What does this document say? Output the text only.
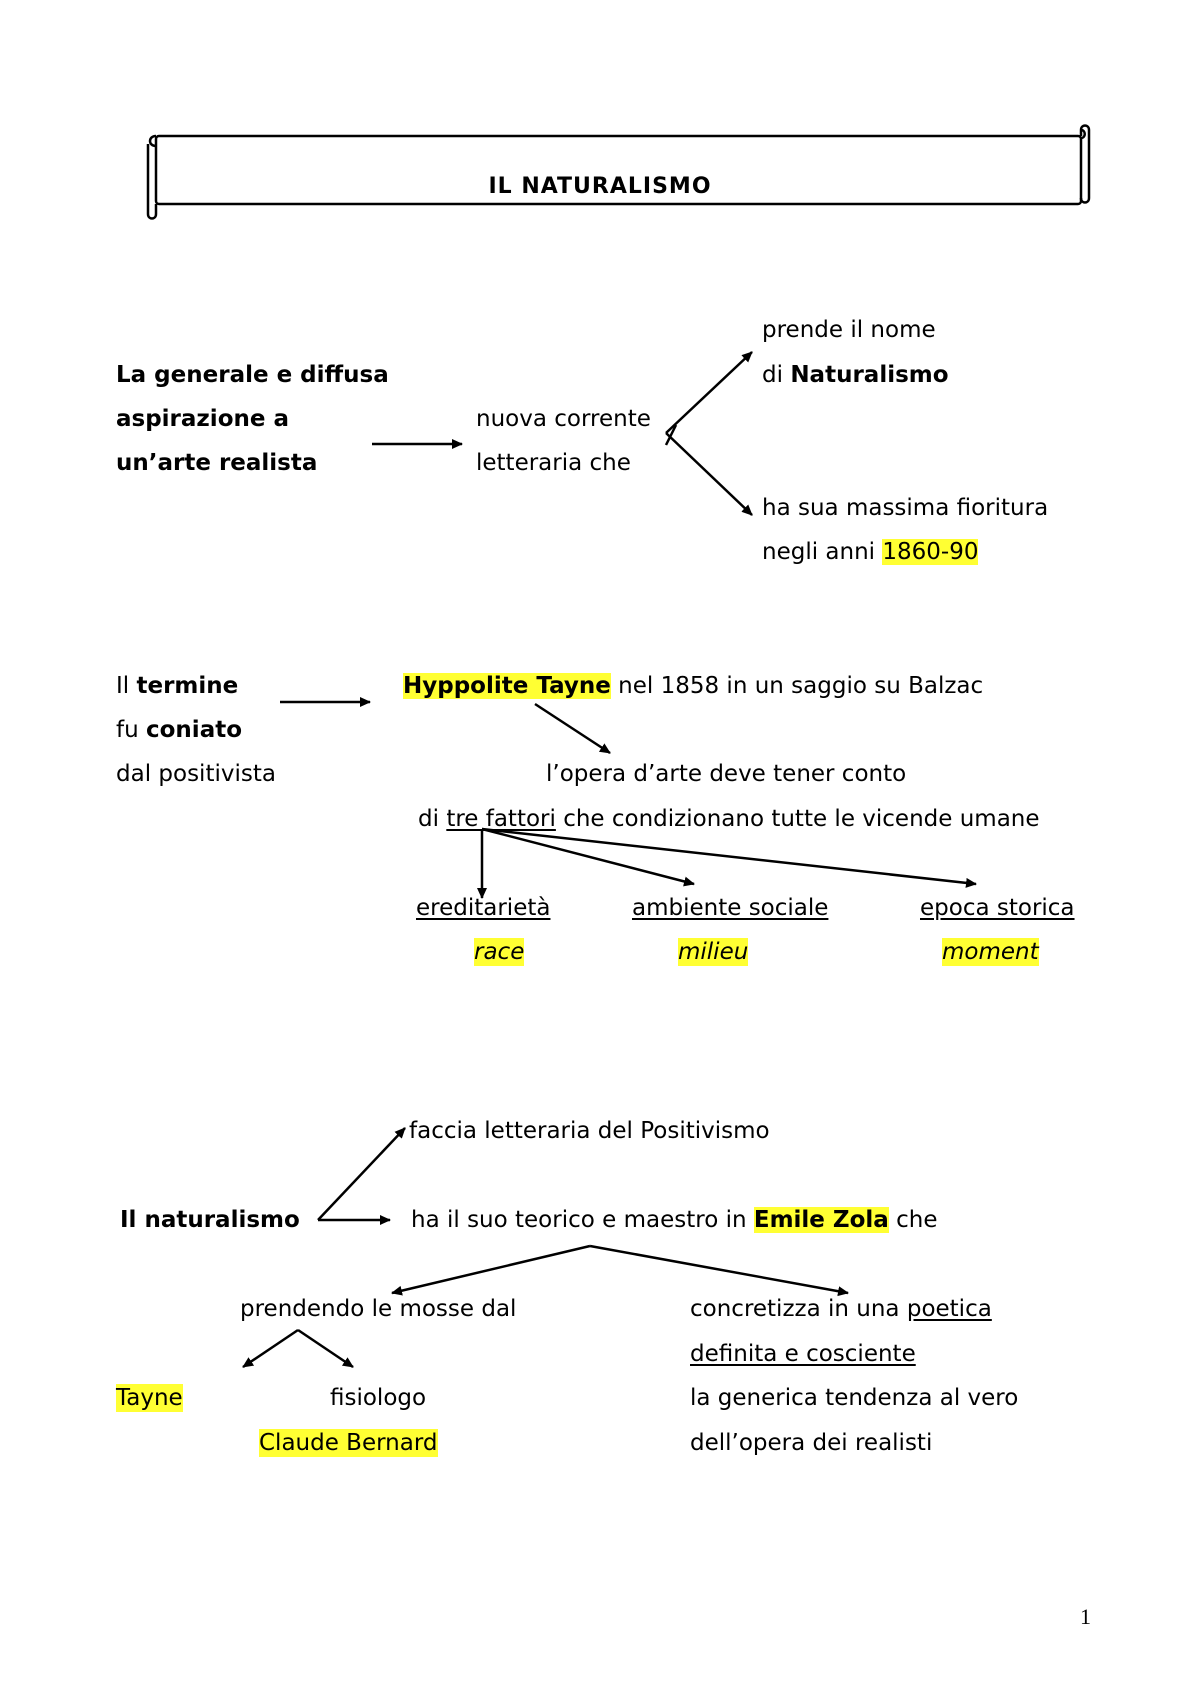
IL NATURALISMO
La generale e diffusa
aspirazione a
un’arte realista
nuova corrente
letteraria che
prende il nome
di Naturalismo
ha sua massima fioritura
negli anni 1860-90
Il termine
fu coniato
dal positivista
Hyppolite Tayne nel 1858 in un saggio su Balzac
l’opera d’arte deve tener conto
di tre fattori che condizionano tutte le vicende umane
ereditarietà	ambiente sociale	epoca storica
race	milieu	moment
faccia letteraria del Positivismo
Il naturalismo	ha il suo teorico e maestro in Emile Zola che
prendendo le mosse dal
Tayne	fisiologo
Claude Bernard
concretizza in una poetica
definita e cosciente
la generica tendenza al vero
dell’opera dei realisti
1
